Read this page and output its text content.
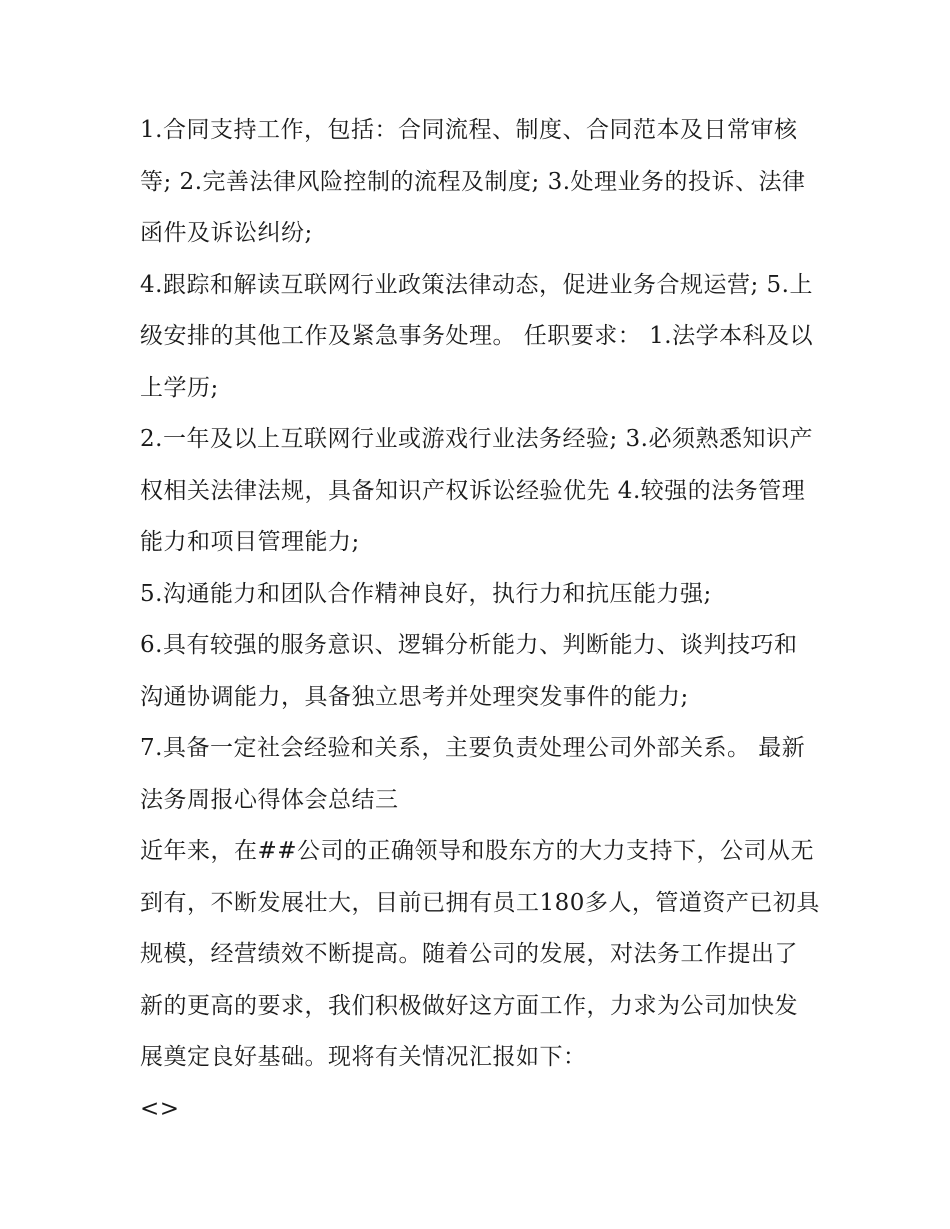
1.合同支持工作，包括：合同流程、制度、合同范本及日常审核等; 2.完善法律风险控制的流程及制度; 3.处理业务的投诉、法律函件及诉讼纠纷;

4.跟踪和解读互联网行业政策法律动态，促进业务合规运营; 5.上级安排的其他工作及紧急事务处理。 任职要求： 1.法学本科及以上学历;

2.一年及以上互联网行业或游戏行业法务经验; 3.必须熟悉知识产权相关法律法规，具备知识产权诉讼经验优先 4.较强的法务管理能力和项目管理能力;

5.沟通能力和团队合作精神良好，执行力和抗压能力强;

6.具有较强的服务意识、逻辑分析能力、判断能力、谈判技巧和沟通协调能力，具备独立思考并处理突发事件的能力;

7.具备一定社会经验和关系，主要负责处理公司外部关系。 最新法务周报心得体会总结三

近年来，在##公司的正确领导和股东方的大力支持下，公司从无到有，不断发展壮大，目前已拥有员工180多人，管道资产已初具规模，经营绩效不断提高。随着公司的发展，对法务工作提出了新的更高的要求，我们积极做好这方面工作，力求为公司加快发展奠定良好基础。现将有关情况汇报如下：

<>
